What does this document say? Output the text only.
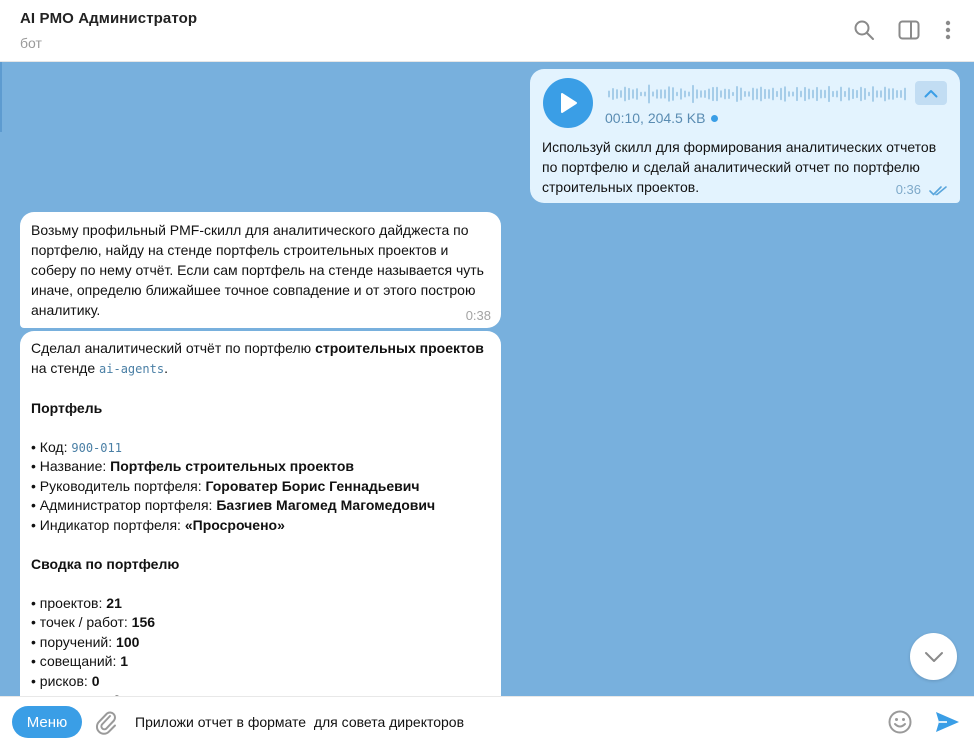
AI PMO Администратор
бот
00:10, 204.5 KB
Используй скилл для формирования аналитических отчетов по портфелю и сделай аналитический отчет по портфелю строительных проектов.	0:36
Возьму профильный PMF-скилл для аналитического дайджеста по портфелю, найду на стенде портфель строительных проектов и соберу по нему отчёт. Если сам портфель на стенде называется чуть иначе, определю ближайшее точное совпадение и от этого построю аналитику.	0:38
Сделал аналитический отчёт по портфелю строительных проектов на стенде ai-agents.
Портфель
• Код: 900-011
• Название: Портфель строительных проектов
• Руководитель портфеля: Гороватер Борис Геннадьевич
• Администратор портфеля: Базгиев Магомед Магомедович
• Индикатор портфеля: «Просрочено»
Сводка по портфелю
• проектов: 21
• точек / работ: 156
• поручений: 100
• совещаний: 1
• рисков: 0
Меню
Приложи отчет в формате для совета директоров
